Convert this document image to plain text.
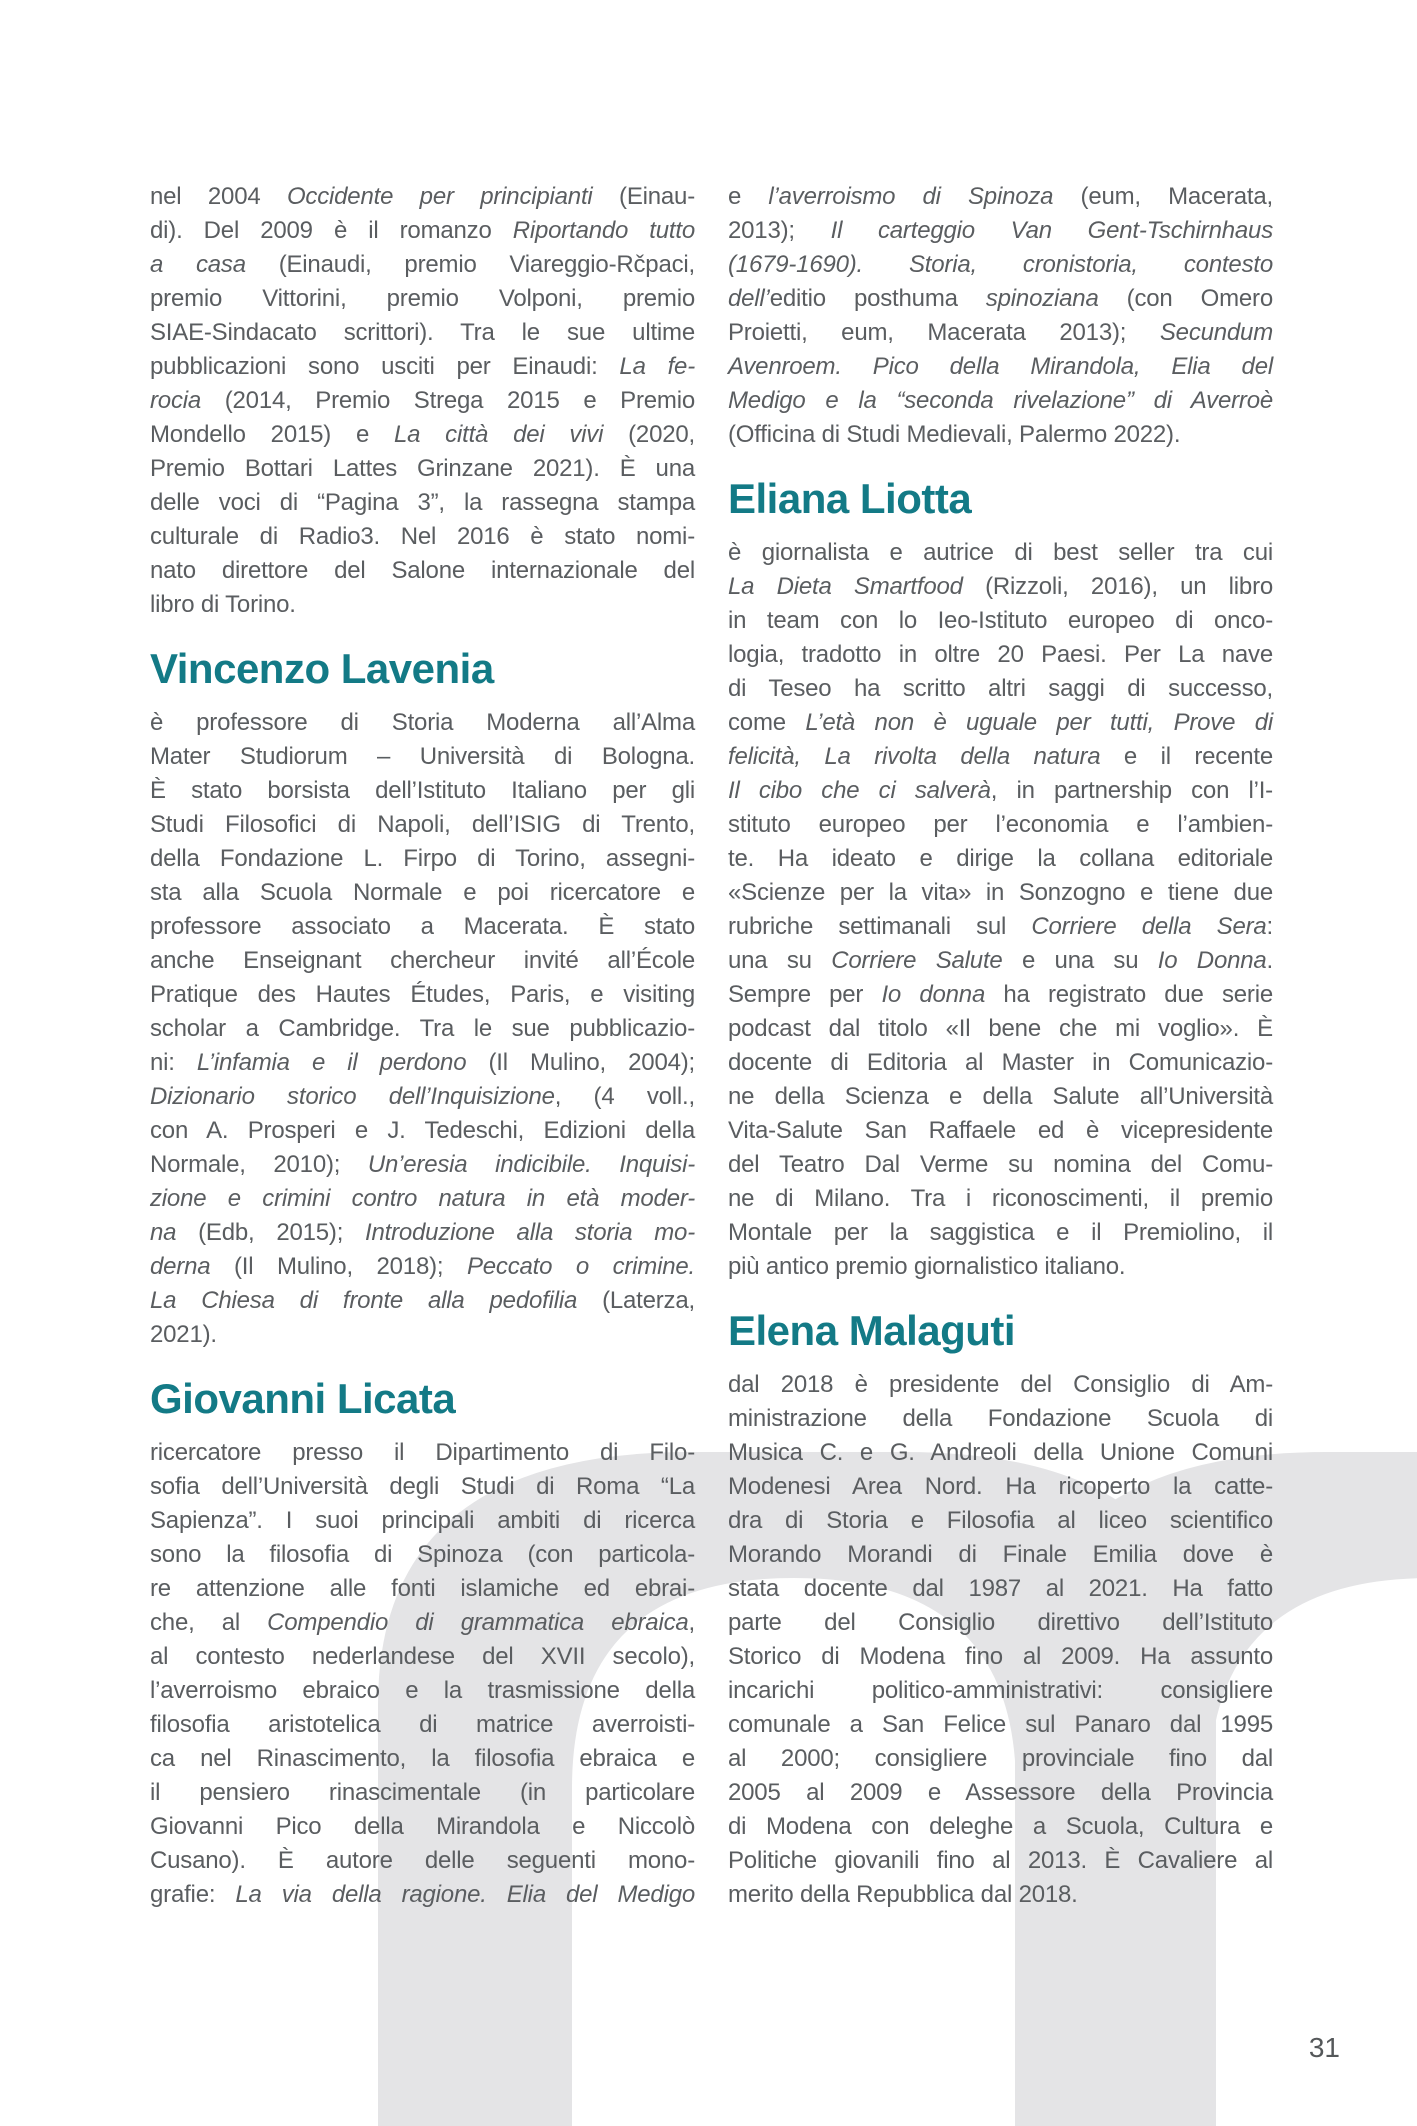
nel 2004 Occidente per principianti (Einau-
di). Del 2009 è il romanzo Riportando tutto
a casa (Einaudi, premio Viareggio-Rčpaci,
premio Vittorini, premio Volponi, premio
SIAE-Sindacato scrittori). Tra le sue ultime
pubblicazioni sono usciti per Einaudi: La fe-
rocia (2014, Premio Strega 2015 e Premio
Mondello 2015) e La città dei vivi (2020,
Premio Bottari Lattes Grinzane 2021). È una
delle voci di “Pagina 3”, la rassegna stampa
culturale di Radio3. Nel 2016 è stato nomi-
nato direttore del Salone internazionale del
libro di Torino.
Vincenzo Lavenia
è professore di Storia Moderna all’Alma
Mater Studiorum – Università di Bologna.
È stato borsista dell’Istituto Italiano per gli
Studi Filosofici di Napoli, dell’ISIG di Trento,
della Fondazione L. Firpo di Torino, assegni-
sta alla Scuola Normale e poi ricercatore e
professore associato a Macerata. È stato
anche Enseignant chercheur invité all’École
Pratique des Hautes Études, Paris, e visiting
scholar a Cambridge. Tra le sue pubblicazio-
ni: L’infamia e il perdono (Il Mulino, 2004);
Dizionario storico dell’Inquisizione, (4 voll.,
con A. Prosperi e J. Tedeschi, Edizioni della
Normale, 2010); Un’eresia indicibile. Inquisi-
zione e crimini contro natura in età moder-
na (Edb, 2015); Introduzione alla storia mo-
derna (Il Mulino, 2018); Peccato o crimine.
La Chiesa di fronte alla pedofilia (Laterza,
2021).
Giovanni Licata
ricercatore presso il Dipartimento di Filo-
sofia dell’Università degli Studi di Roma “La
Sapienza”. I suoi principali ambiti di ricerca
sono la filosofia di Spinoza (con particola-
re attenzione alle fonti islamiche ed ebrai-
che, al Compendio di grammatica ebraica,
al contesto nederlandese del XVII secolo),
l’averroismo ebraico e la trasmissione della
filosofia aristotelica di matrice averroisti-
ca nel Rinascimento, la filosofia ebraica e
il pensiero rinascimentale (in particolare
Giovanni Pico della Mirandola e Niccolò
Cusano). È autore delle seguenti mono-
grafie: La via della ragione. Elia del Medigo
e l’averroismo di Spinoza (eum, Macerata,
2013); Il carteggio Van Gent-Tschirnhaus
(1679-1690). Storia, cronistoria, contesto
dell’editio posthuma spinoziana (con Omero
Proietti, eum, Macerata 2013); Secundum
Avenroem. Pico della Mirandola, Elia del
Medigo e la “seconda rivelazione” di Averroè
(Officina di Studi Medievali, Palermo 2022).
Eliana Liotta
è giornalista e autrice di best seller tra cui
La Dieta Smartfood (Rizzoli, 2016), un libro
in team con lo Ieo-Istituto europeo di onco-
logia, tradotto in oltre 20 Paesi. Per La nave
di Teseo ha scritto altri saggi di successo,
come L’età non è uguale per tutti, Prove di
felicità, La rivolta della natura e il recente
Il cibo che ci salverà, in partnership con l’I-
stituto europeo per l’economia e l’ambien-
te. Ha ideato e dirige la collana editoriale
«Scienze per la vita» in Sonzogno e tiene due
rubriche settimanali sul Corriere della Sera:
una su Corriere Salute e una su Io Donna.
Sempre per Io donna ha registrato due serie
podcast dal titolo «Il bene che mi voglio». È
docente di Editoria al Master in Comunicazio-
ne della Scienza e della Salute all’Università
Vita-Salute San Raffaele ed è vicepresidente
del Teatro Dal Verme su nomina del Comu-
ne di Milano. Tra i riconoscimenti, il premio
Montale per la saggistica e il Premiolino, il
più antico premio giornalistico italiano.
Elena Malaguti
dal 2018 è presidente del Consiglio di Am-
ministrazione della Fondazione Scuola di
Musica C. e G. Andreoli della Unione Comuni
Modenesi Area Nord. Ha ricoperto la catte-
dra di Storia e Filosofia al liceo scientifico
Morando Morandi di Finale Emilia dove è
stata docente dal 1987 al 2021. Ha fatto
parte del Consiglio direttivo dell’Istituto
Storico di Modena fino al 2009. Ha assunto
incarichi politico-amministrativi: consigliere
comunale a San Felice sul Panaro dal 1995
al 2000; consigliere provinciale fino dal
2005 al 2009 e Assessore della Provincia
di Modena con deleghe a Scuola, Cultura e
Politiche giovanili fino al 2013. È Cavaliere al
merito della Repubblica dal 2018.
31
